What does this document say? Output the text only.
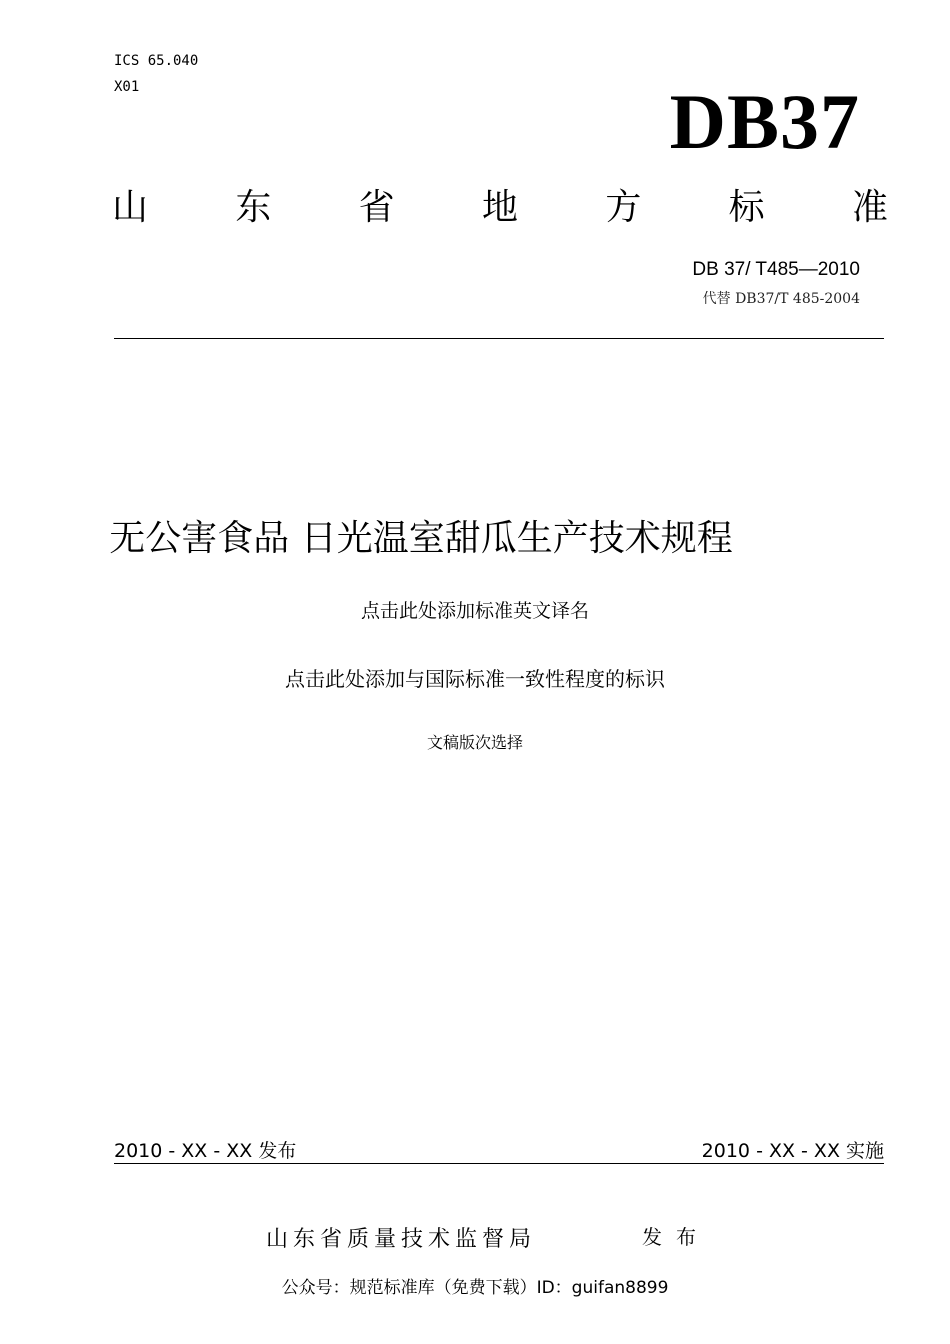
ICS 65.040
X01	DB37
山 东 省 地 方 标 准
DB 37/ T485—2010
代替 DB37/T 485-2004
无公害食品 日光温室甜瓜生产技术规程
点击此处添加标准英文译名
点击此处添加与国际标准一致性程度的标识
文稿版次选择
2010 - XX - XX 发布	2010 - XX - XX 实施
山东省质量技术监督局	发布
公众号：规范标准库（免费下载）ID：guifan8899
